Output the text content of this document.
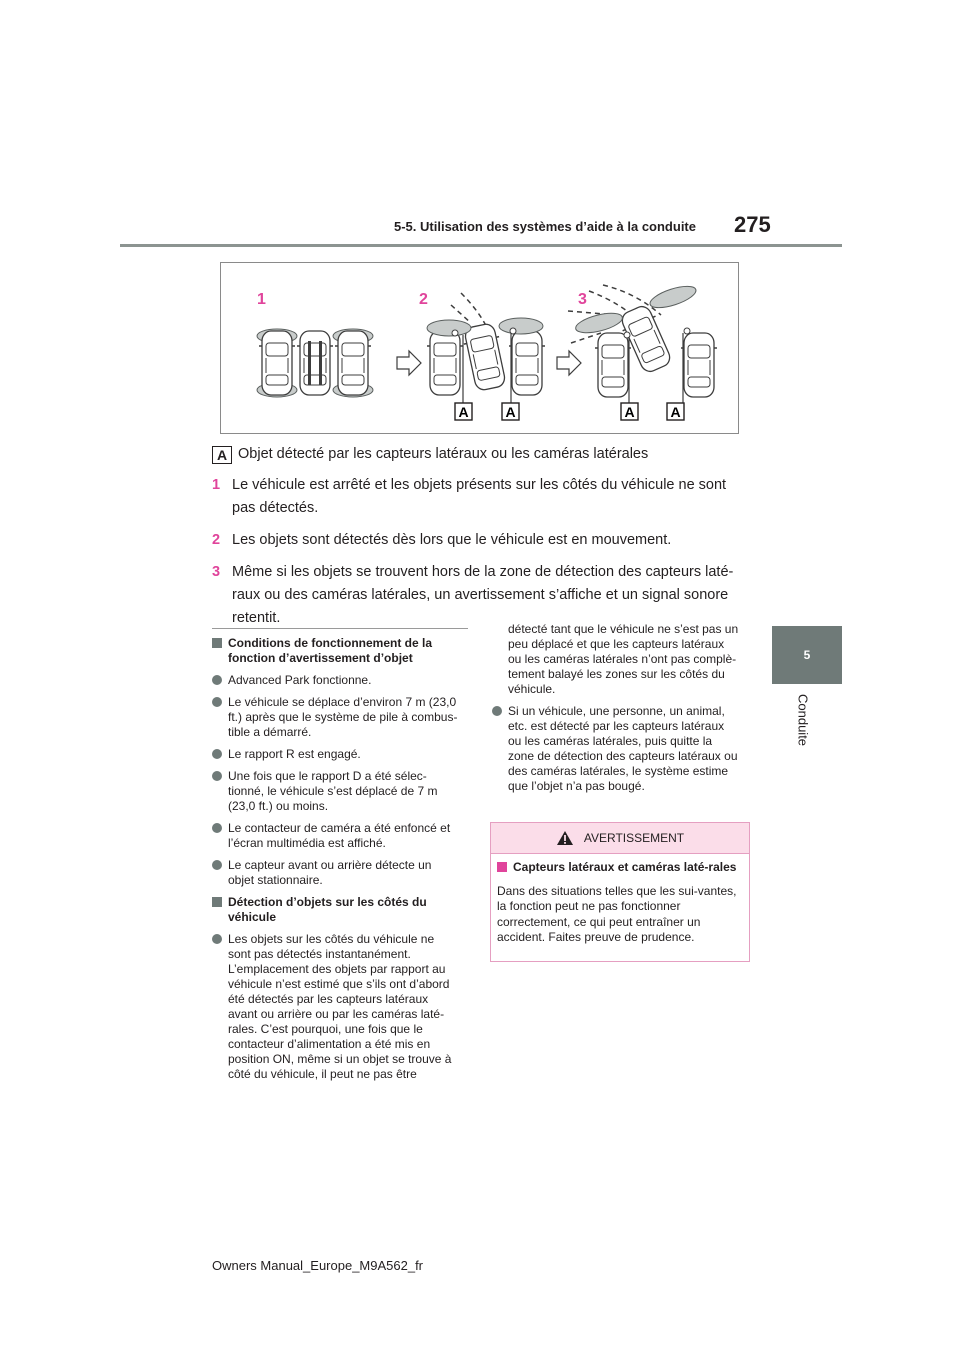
5-5. Utilisation des systèmes d’aide à la conduite 275
5
Conduite
1	2	3
A	A	A	A
A Objet détecté par les capteurs latéraux ou les caméras latérales
1 Le véhicule est arrêté et les objets présents sur les côtés du véhicule ne sont pas détectés.
2 Les objets sont détectés dès lors que le véhicule est en mouvement.
3 Même si les objets se trouvent hors de la zone de détection des capteurs laté-raux ou des caméras latérales, un avertissement s’affiche et un signal sonore retentit.
Conditions de fonctionnement de la fonction d’avertissement d’objet
Advanced Park fonctionne.
Le véhicule se déplace d’environ 7 m (23,0 ft.) après que le système de pile à combus-tible a démarré.
Le rapport R est engagé.
Une fois que le rapport D a été sélec-tionné, le véhicule s’est déplacé de 7 m (23,0 ft.) ou moins.
Le contacteur de caméra a été enfoncé et l’écran multimédia est affiché.
Le capteur avant ou arrière détecte un objet stationnaire.
Détection d’objets sur les côtés du véhicule
Les objets sur les côtés du véhicule ne sont pas détectés instantanément. L’emplacement des objets par rapport au véhicule n’est estimé que s’ils ont d’abord été détectés par les capteurs latéraux avant ou arrière ou par les caméras laté-rales. C’est pourquoi, une fois que le contacteur d’alimentation a été mis en position ON, même si un objet se trouve à côté du véhicule, il peut ne pas être
détecté tant que le véhicule ne s’est pas un peu déplacé et que les capteurs latéraux ou les caméras latérales n’ont pas complè-tement balayé les zones sur les côtés du véhicule.
Si un véhicule, une personne, un animal, etc. est détecté par les capteurs latéraux ou les caméras latérales, puis quitte la zone de détection des capteurs latéraux ou des caméras latérales, le système estime que l’objet n’a pas bougé.
AVERTISSEMENT
Capteurs latéraux et caméras laté-rales
Dans des situations telles que les sui-vantes, la fonction peut ne pas fonctionner correctement, ce qui peut entraîner un accident. Faites preuve de prudence.
Owners Manual_Europe_M9A562_fr
